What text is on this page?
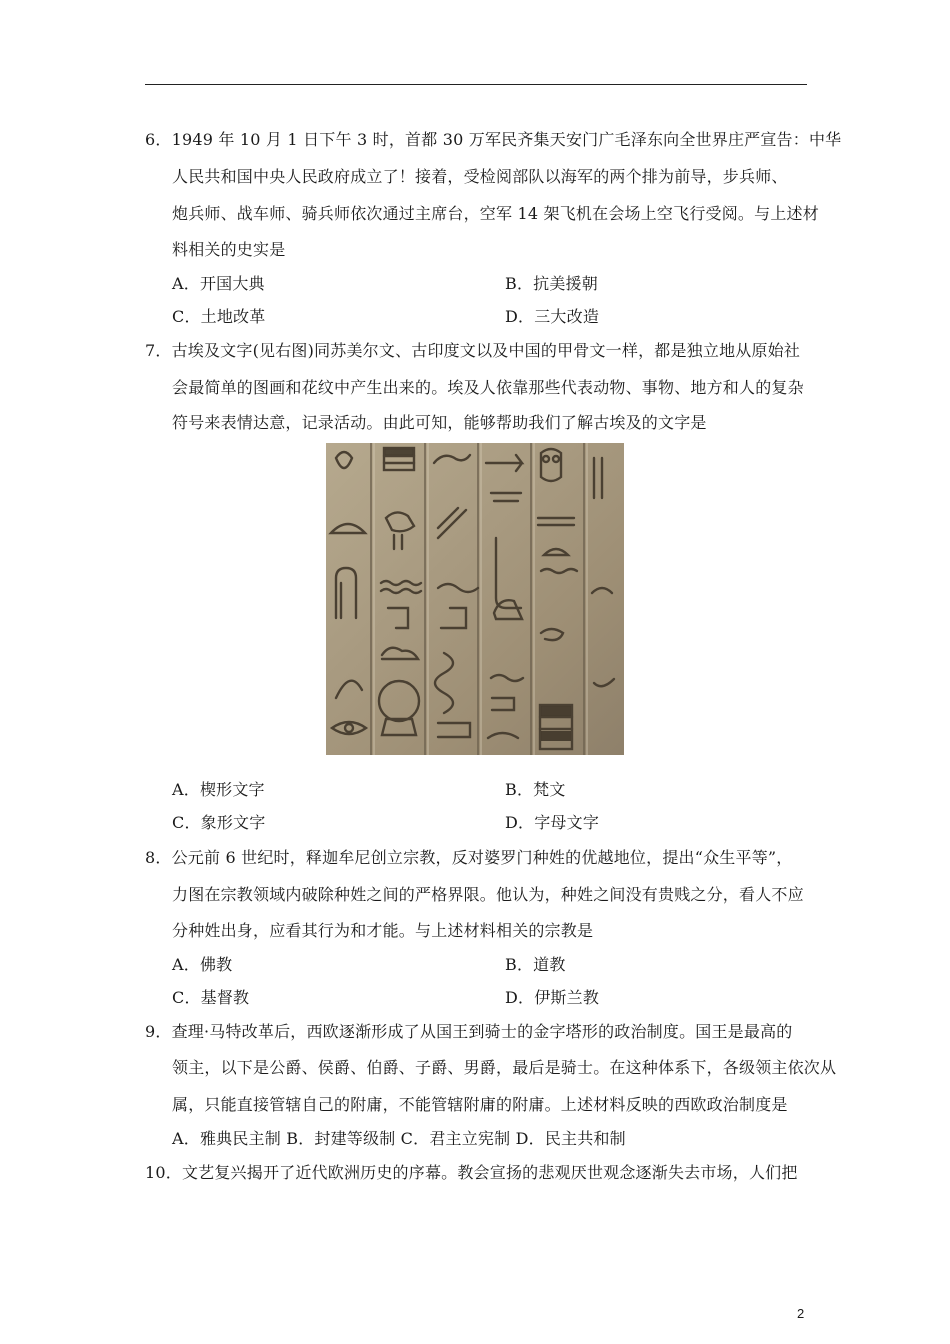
6．1949 年 10 月 1 日下午 3 时，首都 30 万军民齐集天安门广毛泽东向全世界庄严宣告：中华
人民共和国中央人民政府成立了！接着，受检阅部队以海军的两个排为前导，步兵师、
炮兵师、战车师、骑兵师依次通过主席台，空军 14 架飞机在会场上空飞行受阅。与上述材
料相关的史实是
A．开国大典	B．抗美援朝
C．土地改革	D．三大改造
7．古埃及文字(见右图)同苏美尔文、古印度文以及中国的甲骨文一样，都是独立地从原始社
会最简单的图画和花纹中产生出来的。埃及人依靠那些代表动物、事物、地方和人的复杂
符号来表情达意，记录活动。由此可知，能够帮助我们了解古埃及的文字是
A．楔形文字	B．梵文
C．象形文字	D．字母文字
8．公元前 6 世纪时，释迦牟尼创立宗教，反对婆罗门种姓的优越地位，提出“众生平等”，
力图在宗教领域内破除种姓之间的严格界限。他认为，种姓之间没有贵贱之分，看人不应
分种姓出身，应看其行为和才能。与上述材料相关的宗教是
A．佛教	B．道教
C．基督教	D．伊斯兰教
9．查理·马特改革后，西欧逐渐形成了从国王到骑士的金字塔形的政治制度。国王是最高的
领主，以下是公爵、侯爵、伯爵、子爵、男爵，最后是骑士。在这种体系下，各级领主依次从
属，只能直接管辖自己的附庸，不能管辖附庸的附庸。上述材料反映的西欧政治制度是
A．雅典民主制 B．封建等级制 C．君主立宪制 D．民主共和制
10．文艺复兴揭开了近代欧洲历史的序幕。教会宣扬的悲观厌世观念逐渐失去市场，人们把
2
